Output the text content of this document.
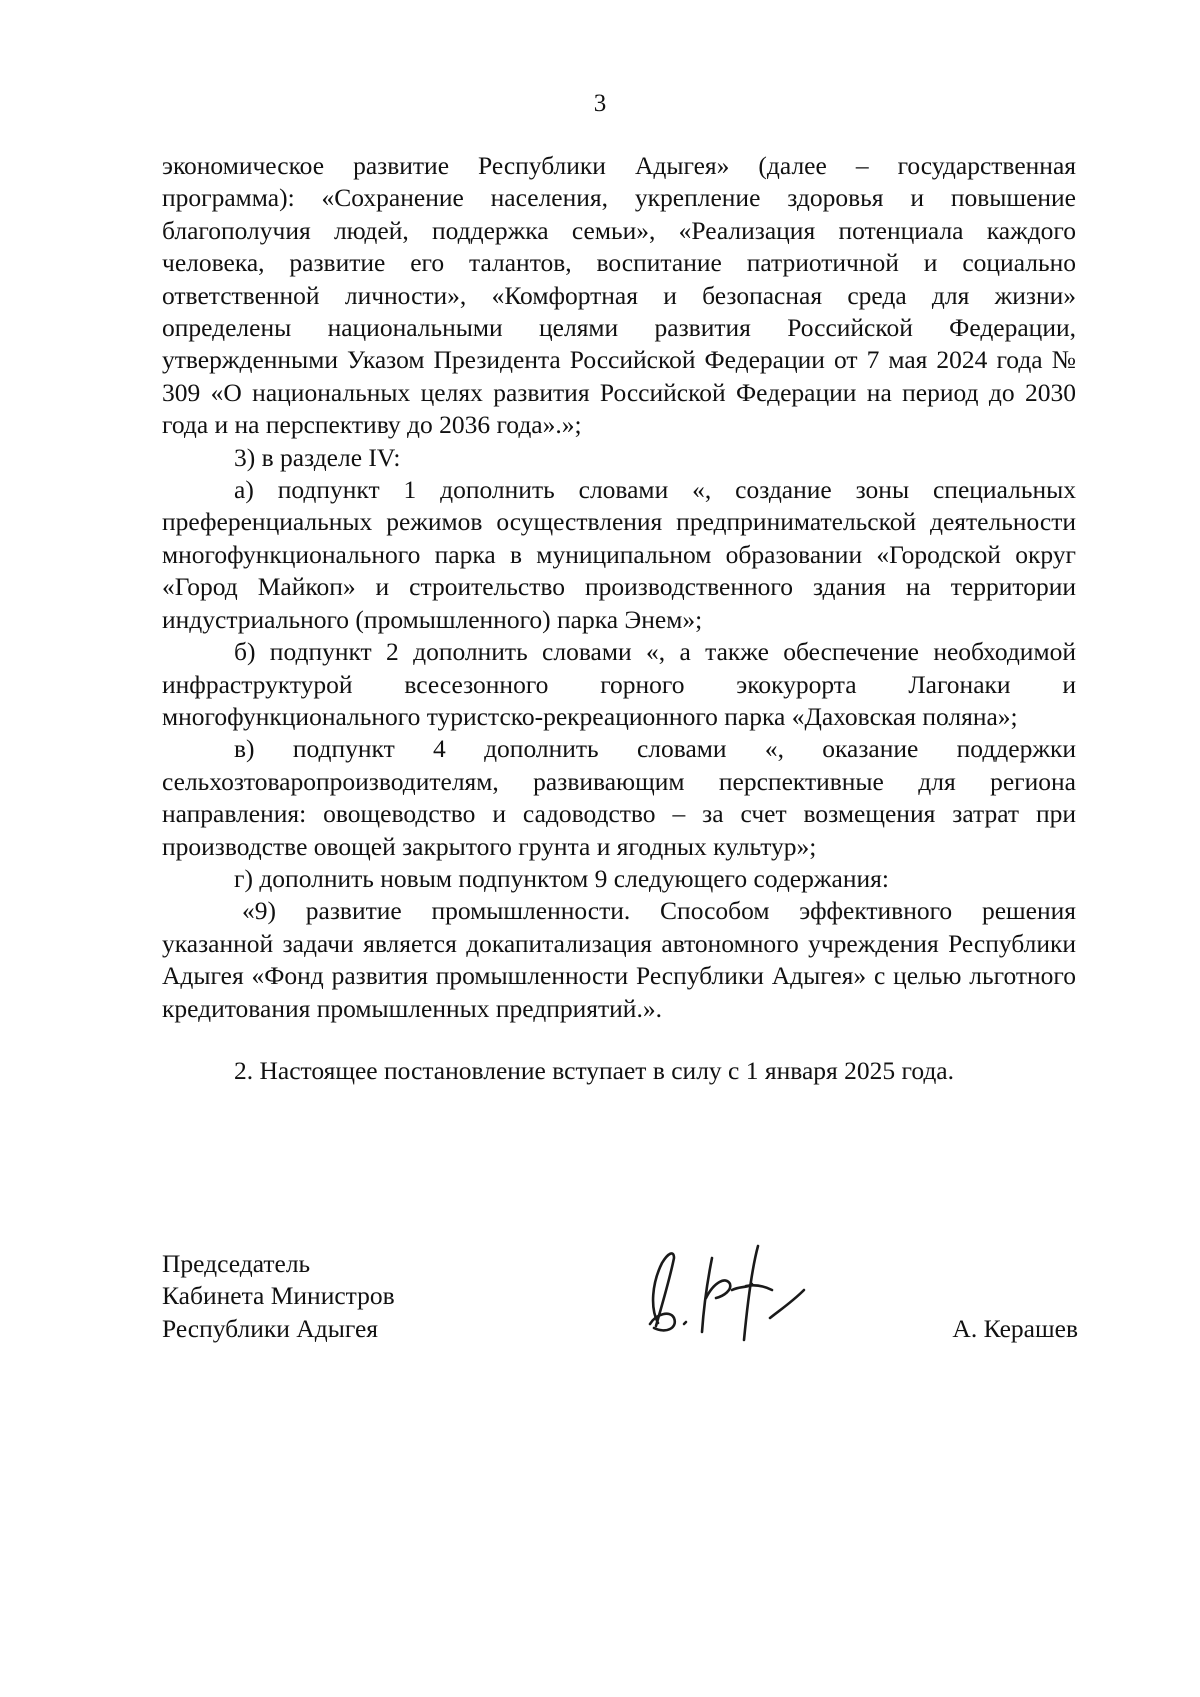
3

экономическое развитие Республики Адыгея» (далее – государственная программа): «Сохранение населения, укрепление здоровья и повышение благополучия людей, поддержка семьи», «Реализация потенциала каждого человека, развитие его талантов, воспитание патриотичной и социально ответственной личности», «Комфортная и безопасная среда для жизни» определены национальными целями развития Российской Федерации, утвержденными Указом Президента Российской Федерации от 7 мая 2024 года № 309 «О национальных целях развития Российской Федерации на период до 2030 года и на перспективу до 2036 года».»;

3) в разделе IV:

а) подпункт 1 дополнить словами «, создание зоны специальных преференциальных режимов осуществления предпринимательской деятельности многофункционального парка в муниципальном образовании «Городской округ «Город Майкоп» и строительство производственного здания на территории индустриального (промышленного) парка Энем»;

б) подпункт 2 дополнить словами «, а также обеспечение необходимой инфраструктурой всесезонного горного экокурорта Лагонаки и многофункционального туристско-рекреационного парка «Даховская поляна»;

в) подпункт 4 дополнить словами «, оказание поддержки сельхозтоваропроизводителям, развивающим перспективные для региона направления: овощеводство и садоводство – за счет возмещения затрат при производстве овощей закрытого грунта и ягодных культур»;

г) дополнить новым подпунктом 9 следующего содержания:

«9) развитие промышленности. Способом эффективного решения указанной задачи является докапитализация автономного учреждения Республики Адыгея «Фонд развития промышленности Республики Адыгея» с целью льготного кредитования промышленных предприятий.».

2. Настоящее постановление вступает в силу с 1 января 2025 года.

Председатель
Кабинета Министров
Республики Адыгея	А. Керашев
